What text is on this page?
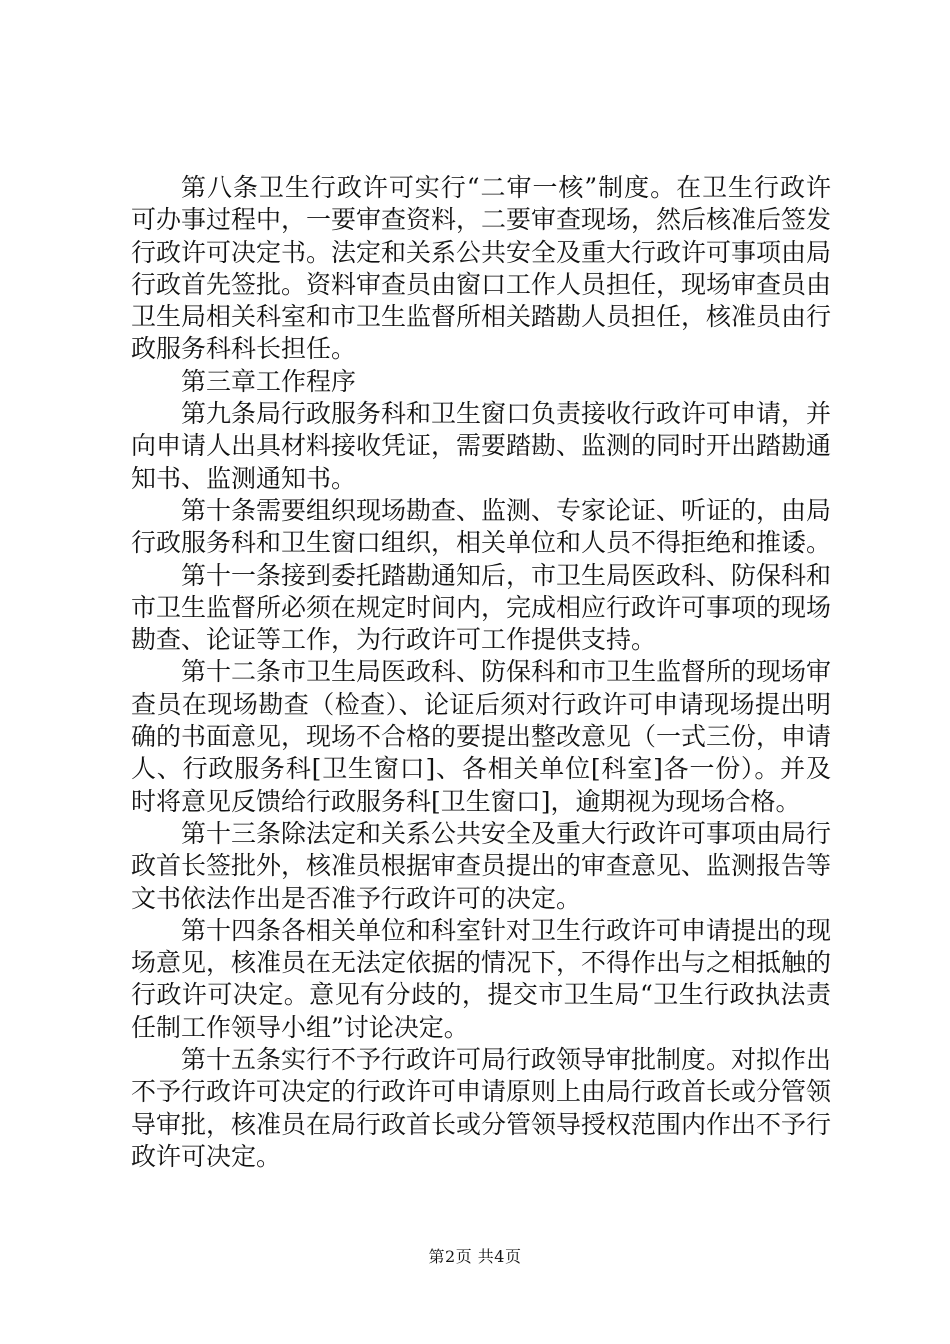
第八条卫生行政许可实行“二审一核”制度。在卫生行政许可办事过程中，一要审查资料，二要审查现场，然后核准后签发行政许可决定书。法定和关系公共安全及重大行政许可事项由局行政首先签批。资料审查员由窗口工作人员担任，现场审查员由卫生局相关科室和市卫生监督所相关踏勘人员担任，核准员由行政服务科科长担任。

第三章工作程序

第九条局行政服务科和卫生窗口负责接收行政许可申请，并向申请人出具材料接收凭证，需要踏勘、监测的同时开出踏勘通知书、监测通知书。

第十条需要组织现场勘查、监测、专家论证、听证的，由局行政服务科和卫生窗口组织，相关单位和人员不得拒绝和推诿。

第十一条接到委托踏勘通知后，市卫生局医政科、防保科和市卫生监督所必须在规定时间内，完成相应行政许可事项的现场勘查、论证等工作，为行政许可工作提供支持。

第十二条市卫生局医政科、防保科和市卫生监督所的现场审查员在现场勘查（检查）、论证后须对行政许可申请现场提出明确的书面意见，现场不合格的要提出整改意见（一式三份，申请人、行政服务科[卫生窗口]、各相关单位[科室]各一份）。并及时将意见反馈给行政服务科[卫生窗口]，逾期视为现场合格。

第十三条除法定和关系公共安全及重大行政许可事项由局行政首长签批外，核准员根据审查员提出的审查意见、监测报告等文书依法作出是否准予行政许可的决定。

第十四条各相关单位和科室针对卫生行政许可申请提出的现场意见，核准员在无法定依据的情况下，不得作出与之相抵触的行政许可决定。意见有分歧的，提交市卫生局“卫生行政执法责任制工作领导小组”讨论决定。

第十五条实行不予行政许可局行政领导审批制度。对拟作出不予行政许可决定的行政许可申请原则上由局行政首长或分管领导审批，核准员在局行政首长或分管领导授权范围内作出不予行政许可决定。

第2页 共4页
